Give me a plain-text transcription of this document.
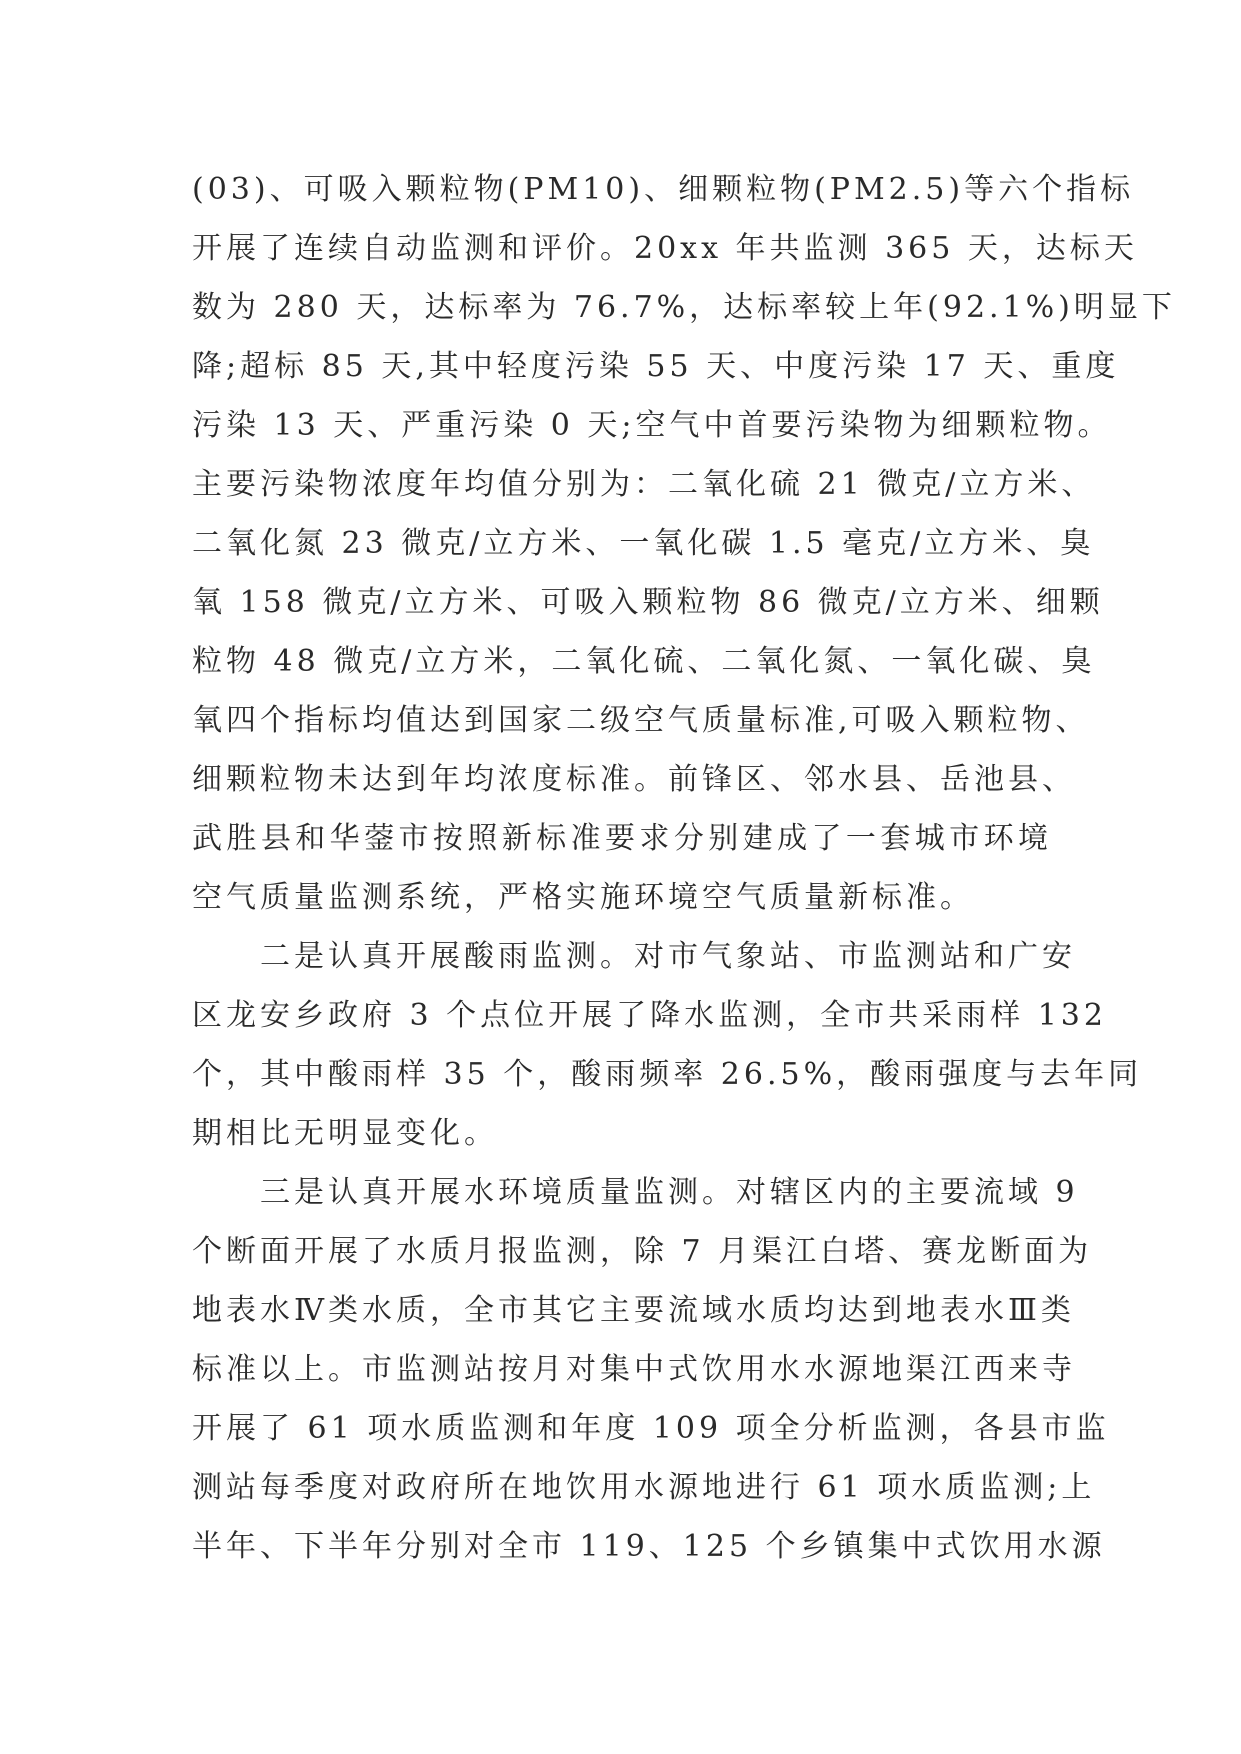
(03)、可吸入颗粒物(PM10)、细颗粒物(PM2.5)等六个指标
开展了连续自动监测和评价。20xx 年共监测 365 天，达标天
数为 280 天，达标率为 76.7%，达标率较上年(92.1%)明显下
降;超标 85 天,其中轻度污染 55 天、中度污染 17 天、重度
污染 13 天、严重污染 0 天;空气中首要污染物为细颗粒物。
主要污染物浓度年均值分别为：二氧化硫 21 微克/立方米、
二氧化氮 23 微克/立方米、一氧化碳 1.5 毫克/立方米、臭
氧 158 微克/立方米、可吸入颗粒物 86 微克/立方米、细颗
粒物 48 微克/立方米，二氧化硫、二氧化氮、一氧化碳、臭
氧四个指标均值达到国家二级空气质量标准,可吸入颗粒物、
细颗粒物未达到年均浓度标准。前锋区、邻水县、岳池县、
武胜县和华蓥市按照新标准要求分别建成了一套城市环境
空气质量监测系统，严格实施环境空气质量新标准。
二是认真开展酸雨监测。对市气象站、市监测站和广安
区龙安乡政府 3 个点位开展了降水监测，全市共采雨样 132
个，其中酸雨样 35 个，酸雨频率 26.5%，酸雨强度与去年同
期相比无明显变化。
三是认真开展水环境质量监测。对辖区内的主要流域 9
个断面开展了水质月报监测，除 7 月渠江白塔、赛龙断面为
地表水Ⅳ类水质，全市其它主要流域水质均达到地表水Ⅲ类
标准以上。市监测站按月对集中式饮用水水源地渠江西来寺
开展了 61 项水质监测和年度 109 项全分析监测，各县市监
测站每季度对政府所在地饮用水源地进行 61 项水质监测;上
半年、下半年分别对全市 119、125 个乡镇集中式饮用水源
